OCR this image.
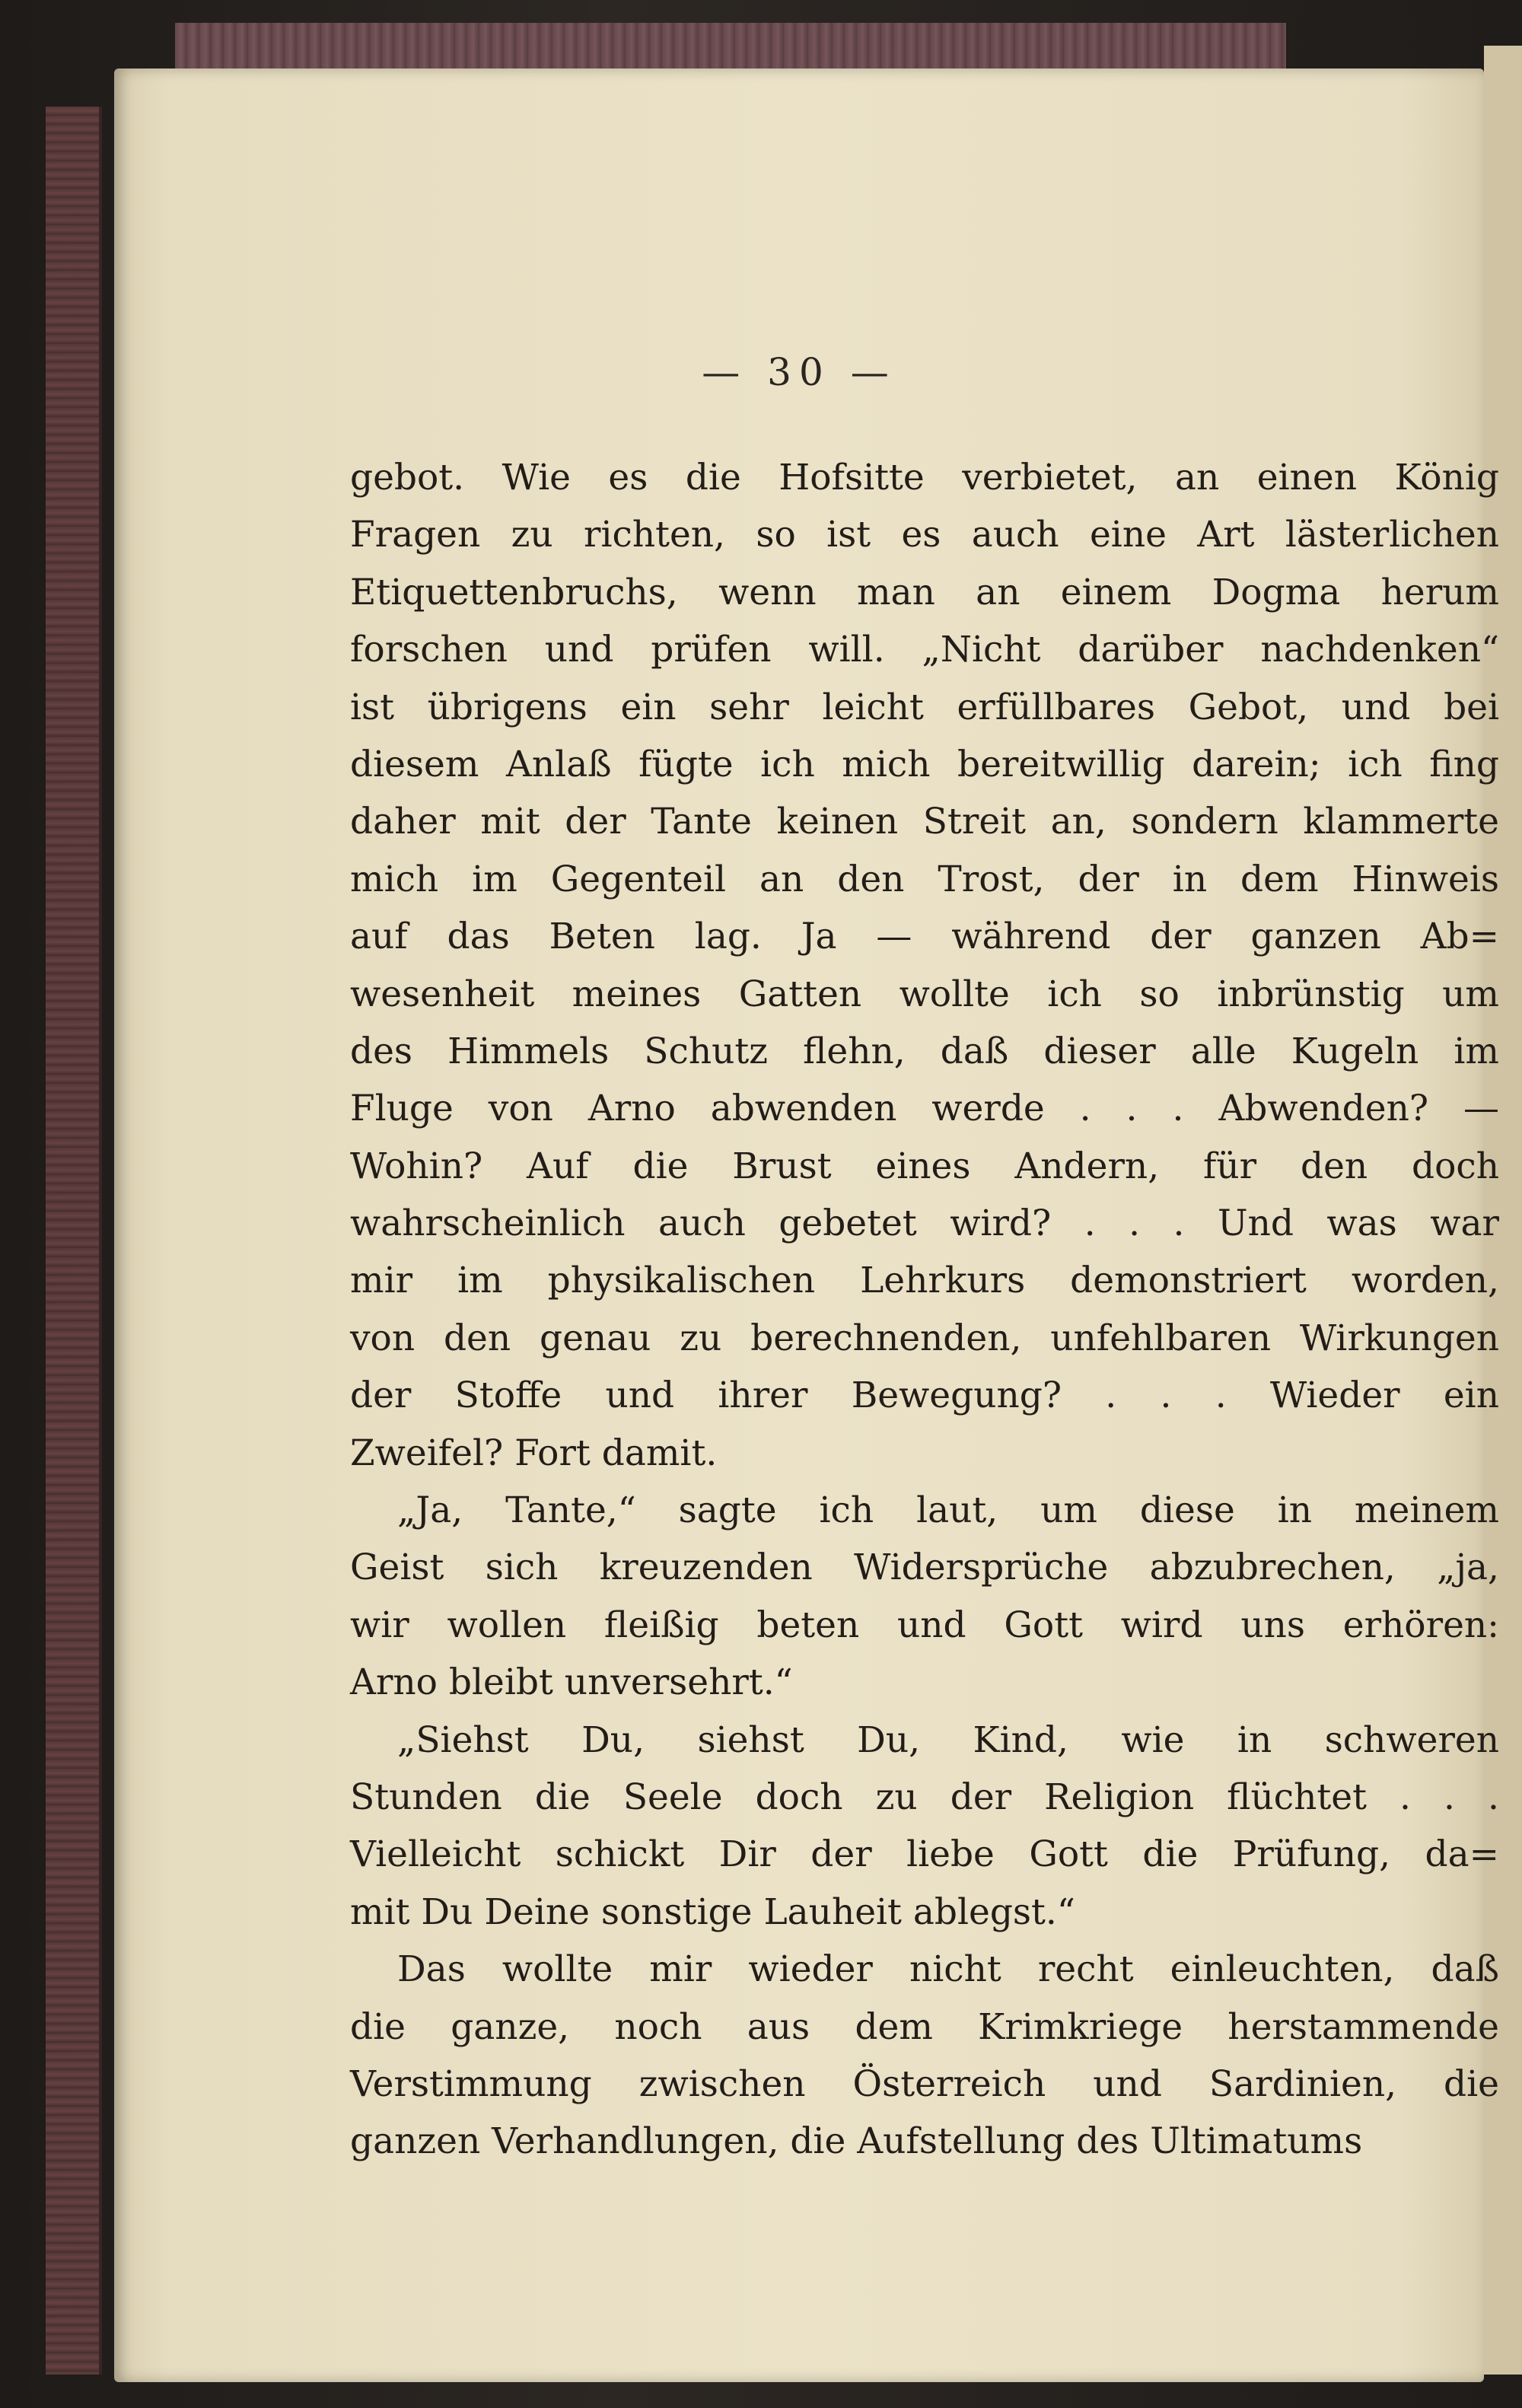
— 30 —
gebot. Wie es die Hofsitte verbietet, an einen König
Fragen zu richten, so ist es auch eine Art lästerlichen
Etiquettenbruchs, wenn man an einem Dogma herum
forschen und prüfen will. „Nicht darüber nachdenken“
ist übrigens ein sehr leicht erfüllbares Gebot, und bei
diesem Anlaß fügte ich mich bereitwillig darein; ich fing
daher mit der Tante keinen Streit an, sondern klammerte
mich im Gegenteil an den Trost, der in dem Hinweis
auf das Beten lag. Ja — während der ganzen Ab=
wesenheit meines Gatten wollte ich so inbrünstig um
des Himmels Schutz flehn, daß dieser alle Kugeln im
Fluge von Arno abwenden werde . . . Abwenden? —
Wohin? Auf die Brust eines Andern, für den doch
wahrscheinlich auch gebetet wird? . . . Und was war
mir im physikalischen Lehrkurs demonstriert worden,
von den genau zu berechnenden, unfehlbaren Wirkungen
der Stoffe und ihrer Bewegung? . . . Wieder ein
Zweifel? Fort damit.
„Ja, Tante,“ sagte ich laut, um diese in meinem
Geist sich kreuzenden Widersprüche abzubrechen, „ja,
wir wollen fleißig beten und Gott wird uns erhören:
Arno bleibt unversehrt.“
„Siehst Du, siehst Du, Kind, wie in schweren
Stunden die Seele doch zu der Religion flüchtet . . .
Vielleicht schickt Dir der liebe Gott die Prüfung, da=
mit Du Deine sonstige Lauheit ablegst.“
Das wollte mir wieder nicht recht einleuchten, daß
die ganze, noch aus dem Krimkriege herstammende
Verstimmung zwischen Österreich und Sardinien, die
ganzen Verhandlungen, die Aufstellung des Ultimatums
